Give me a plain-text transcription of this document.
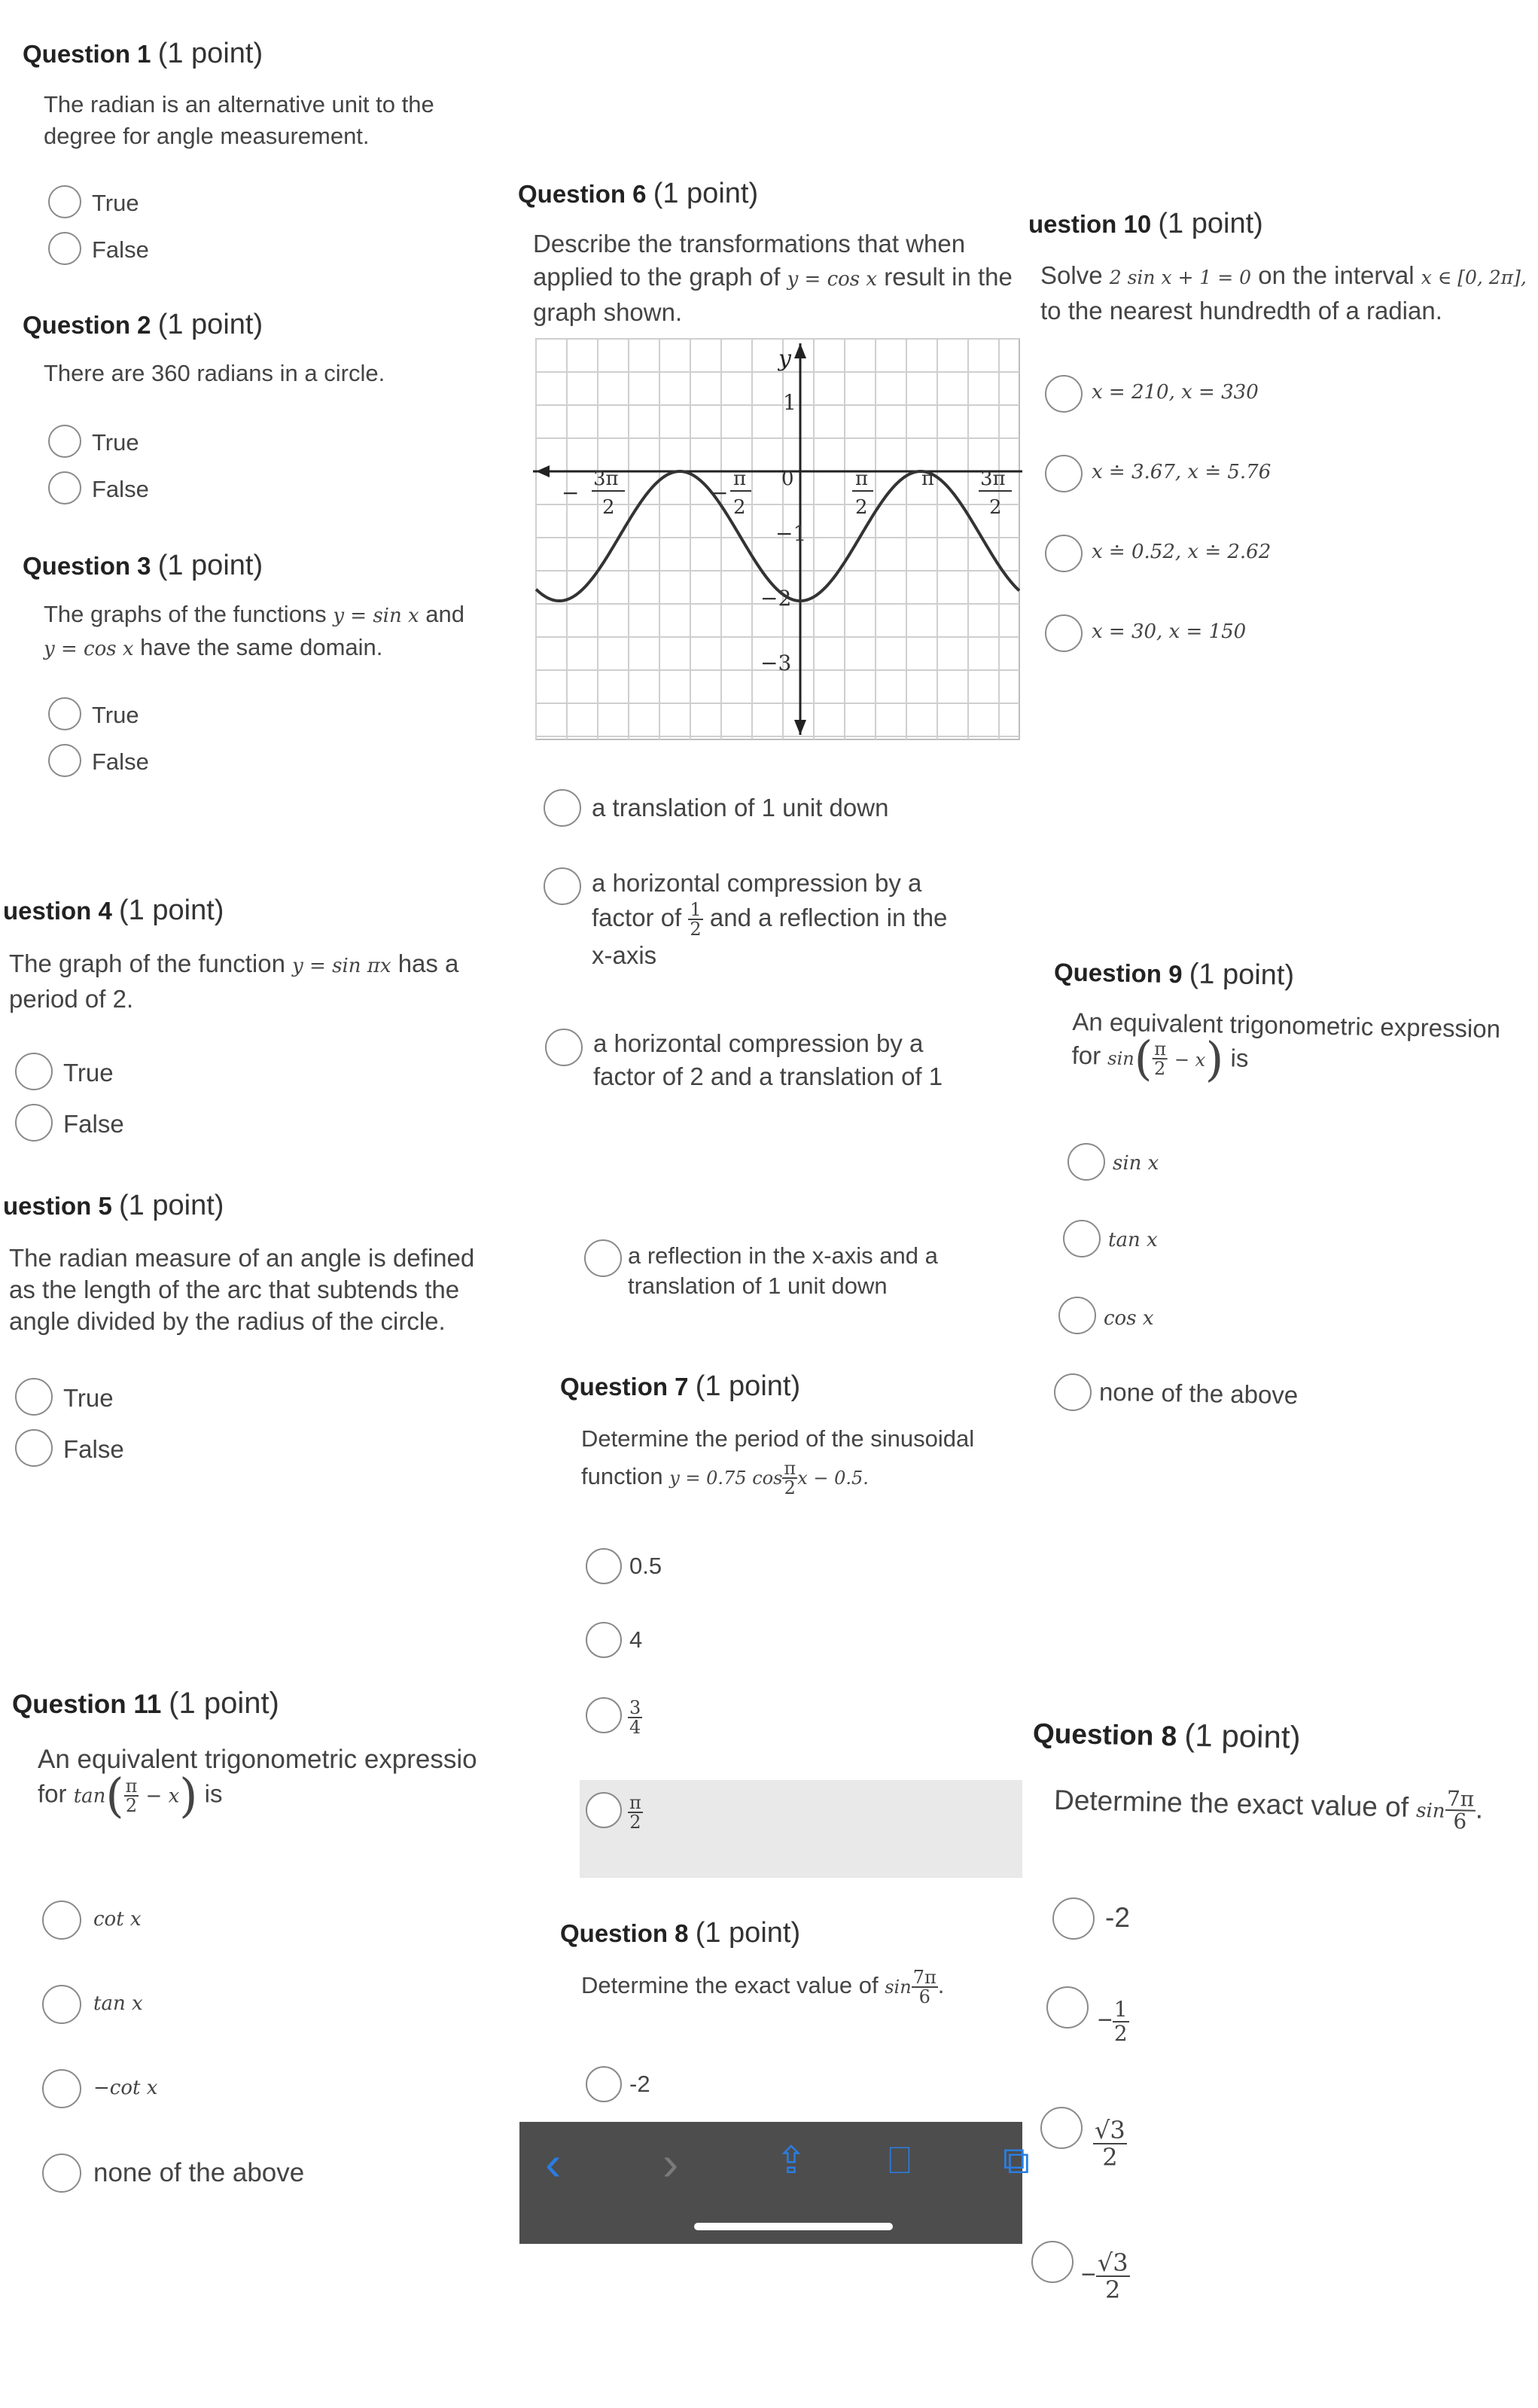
Question 1 (1 point)
The radian is an alternative unit to the degree for angle measurement.
True
False
Question 2 (1 point)
There are 360 radians in a circle.
True
False
Question 3 (1 point)
The graphs of the functions y = sin x and
y = cos x have the same domain.
True
False
uestion 4 (1 point)
The graph of the function y = sin πx has a period of 2.
True
False
uestion 5 (1 point)
The radian measure of an angle is defined as the length of the arc that subtends the angle divided by the radius of the circle.
True
False
Question 11 (1 point)
An equivalent trigonometric expressio
for $\tan( \frac{\pi}{2} - x)$ is
cot x
tan x
−cot x
none of the above
Question 6 (1 point)
Describe the transformations that when applied to the graph of y = cos x result in the graph shown.
y
1
−1
−2
−3
−
3π
2
−
π
2
0	π
2
π 3π
2
a translation of 1 unit down
a horizontal compression by a
factor of $\frac{1}{2}$ and a reflection in the
x-axis
a horizontal compression by a
factor of 2 and a translation of 1
a reflection in the x-axis and a
translation of 1 unit down
Question 7 (1 point)
Determine the period of the sinusoidal
function y = 0.75 $\cos \frac{\pi}{2}$ x − 0.5.
0.5
4
$\frac{3}{4}$
$\frac{\pi}{2}$
Question 8 (1 point)
Determine the exact value of $\sin \frac{7\pi}{6}$ .
-2
‹ ›	⇪ ⎕ ⧉
uestion 10 (1 point)
Solve 2 sin x + 1 = 0 on the interval x ∈ [0, 2π],
to the nearest hundredth of a radian.
x = 210, x = 330
x ≐ 3.67, x ≐ 5.76
x ≐ 0.52, x ≐ 2.62
x = 30, x = 150
Question 9 (1 point)
An equivalent trigonometric expression
for sin(
$\frac{\pi}{2} - x$) is
sin x
tan x
cos x
none of the above
Question 8 (1 point)
Determine the exact value of $\sin \frac{7\pi}{6}$ .
-2
− $\frac{1}{2}$
$\frac{√3}{2}$
− $\frac{√3}{2}$
